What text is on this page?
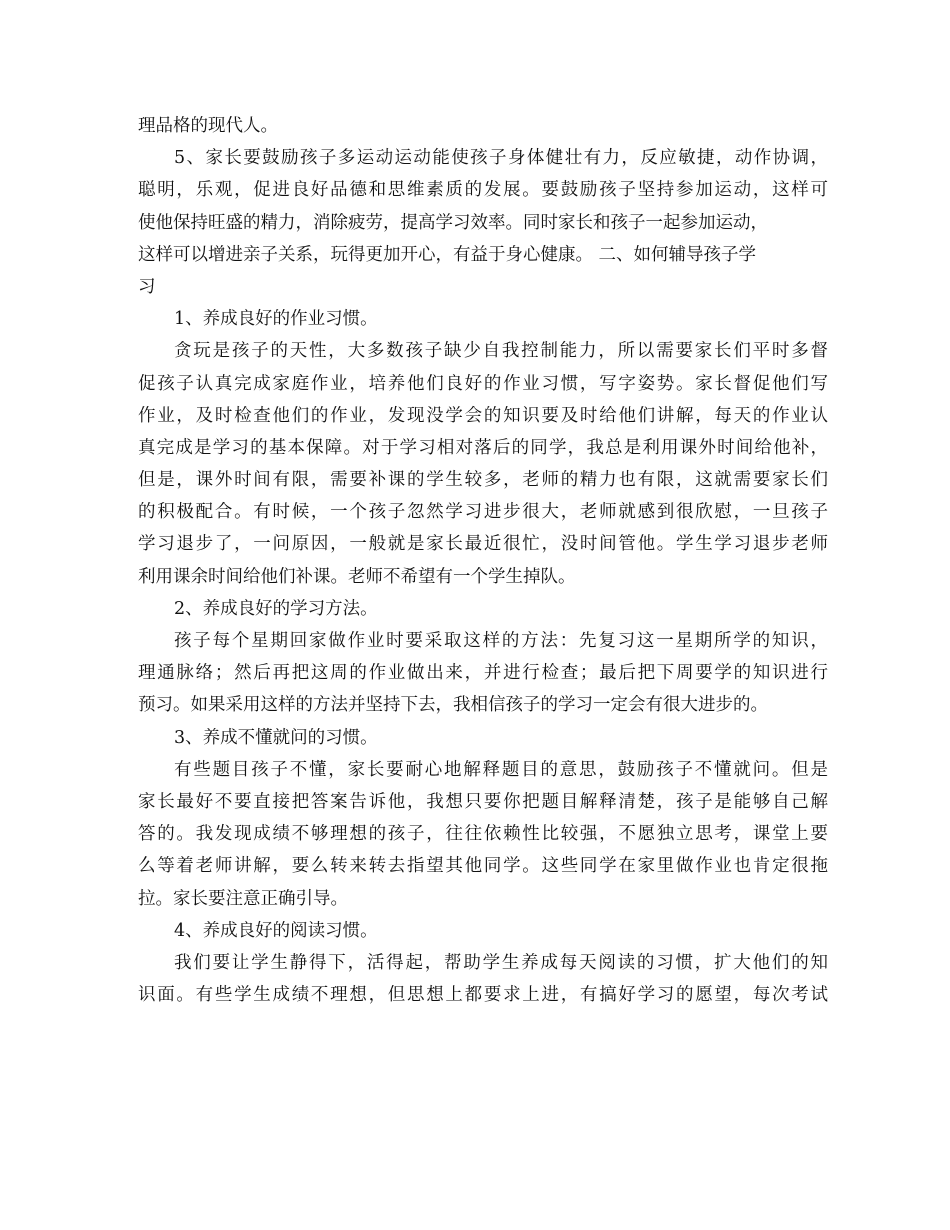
理品格的现代人。
5、家长要鼓励孩子多运动运动能使孩子身体健壮有力，反应敏捷，动作协调，
聪明，乐观，促进良好品德和思维素质的发展。要鼓励孩子坚持参加运动，这样可
使他保持旺盛的精力，消除疲劳，提高学习效率。同时家长和孩子一起参加运动，
这样可以增进亲子关系，玩得更加开心，有益于身心健康。 二、如何辅导孩子学
习
1、养成良好的作业习惯。
贪玩是孩子的天性，大多数孩子缺少自我控制能力，所以需要家长们平时多督
促孩子认真完成家庭作业，培养他们良好的作业习惯，写字姿势。家长督促他们写
作业，及时检查他们的作业，发现没学会的知识要及时给他们讲解，每天的作业认
真完成是学习的基本保障。对于学习相对落后的同学，我总是利用课外时间给他补，
但是，课外时间有限，需要补课的学生较多，老师的精力也有限，这就需要家长们
的积极配合。有时候，一个孩子忽然学习进步很大，老师就感到很欣慰，一旦孩子
学习退步了，一问原因，一般就是家长最近很忙，没时间管他。学生学习退步老师
利用课余时间给他们补课。老师不希望有一个学生掉队。
2、养成良好的学习方法。
孩子每个星期回家做作业时要采取这样的方法：先复习这一星期所学的知识，
理通脉络；然后再把这周的作业做出来，并进行检查；最后把下周要学的知识进行
预习。如果采用这样的方法并坚持下去，我相信孩子的学习一定会有很大进步的。
3、养成不懂就问的习惯。
有些题目孩子不懂，家长要耐心地解释题目的意思，鼓励孩子不懂就问。但是
家长最好不要直接把答案告诉他，我想只要你把题目解释清楚，孩子是能够自己解
答的。我发现成绩不够理想的孩子，往往依赖性比较强，不愿独立思考，课堂上要
么等着老师讲解，要么转来转去指望其他同学。这些同学在家里做作业也肯定很拖
拉。家长要注意正确引导。
4、养成良好的阅读习惯。
我们要让学生静得下，活得起，帮助学生养成每天阅读的习惯，扩大他们的知
识面。有些学生成绩不理想，但思想上都要求上进，有搞好学习的愿望，每次考试
